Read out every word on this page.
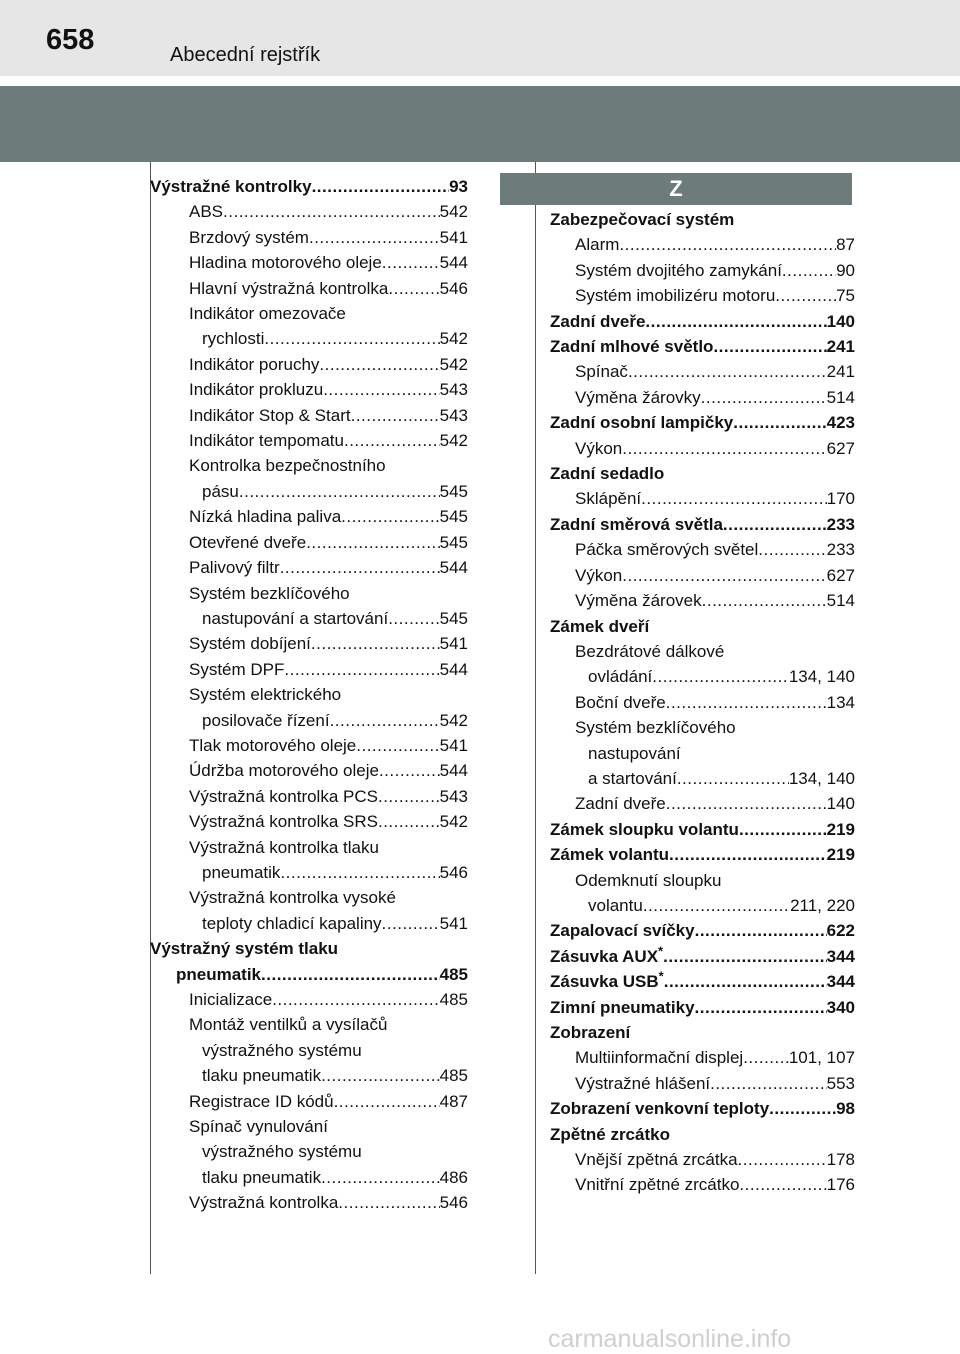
658	Abecední rejstřík
Výstražné kontrolky .....	93
ABS .....	542
Brzdový systém .....	541
Hladina motorového oleje .....	544
Hlavní výstražná kontrolka .....	546
Indikátor omezovače
rychlosti .....	542
Indikátor poruchy .....	542
Indikátor prokluzu .....	543
Indikátor Stop & Start .....	543
Indikátor tempomatu .....	542
Kontrolka bezpečnostního
pásu .....	545
Nízká hladina paliva .....	545
Otevřené dveře .....	545
Palivový filtr .....	544
Systém bezklíčového
nastupování a startování .....	545
Systém dobíjení .....	541
Systém DPF .....	544
Systém elektrického
posilovače řízení .....	542
Tlak motorového oleje .....	541
Údržba motorového oleje .....	544
Výstražná kontrolka PCS .....	543
Výstražná kontrolka SRS .....	542
Výstražná kontrolka tlaku
pneumatik .....	546
Výstražná kontrolka vysoké
teploty chladicí kapaliny .....	541
Výstražný systém tlaku
pneumatik .....	485
Inicializace .....	485
Montáž ventilků a vysílačů
výstražného systému
tlaku pneumatik .....	485
Registrace ID kódů .....	487
Spínač vynulování
výstražného systému
tlaku pneumatik .....	486
Výstražná kontrolka .....	546
Z
Zabezpečovací systém
Alarm .....	87
Systém dvojitého zamykání .....	90
Systém imobilizéru motoru .....	75
Zadní dveře .....	140
Zadní mlhové světlo .....	241
Spínač .....	241
Výměna žárovky .....	514
Zadní osobní lampičky .....	423
Výkon .....	627
Zadní sedadlo
Sklápění .....	170
Zadní směrová světla .....	233
Páčka směrových světel .....	233
Výkon .....	627
Výměna žárovek .....	514
Zámek dveří
Bezdrátové dálkové
ovládání .....	134, 140
Boční dveře .....	134
Systém bezklíčového
nastupování
a startování .....	134, 140
Zadní dveře .....	140
Zámek sloupku volantu .....	219
Zámek volantu .....	219
Odemknutí sloupku
volantu .....	211, 220
Zapalovací svíčky .....	622
Zásuvka AUX* .....	344
Zásuvka USB* .....	344
Zimní pneumatiky .....	340
Zobrazení
Multiinformační displej .....	101, 107
Výstražné hlášení .....	553
Zobrazení venkovní teploty .....	98
Zpětné zrcátko
Vnější zpětná zrcátka .....	178
Vnitřní zpětné zrcátko .....	176
carmanualsonline.info
